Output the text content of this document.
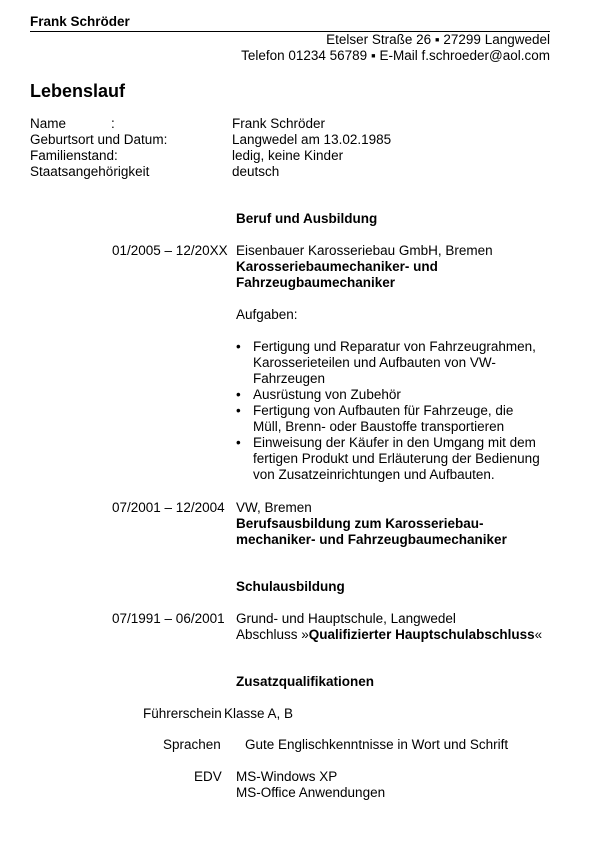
Frank Schröder
Etelser Straße 26 ▪ 27299 Langwedel
Telefon 01234 56789 ▪ E-Mail f.schroeder@aol.com
Lebenslauf
Name	:	Frank Schröder
Geburtsort und Datum:	Langwedel am 13.02.1985
Familienstand:	ledig, keine Kinder
Staatsangehörigkeit	deutsch
Beruf und Ausbildung
01/2005 – 12/20XX Eisenbauer Karosseriebau GmbH, Bremen
Karosseriebaumechaniker- und
Fahrzeugbaumechaniker
Aufgaben:
• Fertigung und Reparatur von Fahrzeugrahmen,
Karosserieteilen und Aufbauten von VW-
Fahrzeugen
• Ausrüstung von Zubehör
• Fertigung von Aufbauten für Fahrzeuge, die
Müll, Brenn- oder Baustoffe transportieren
• Einweisung der Käufer in den Umgang mit dem
fertigen Produkt und Erläuterung der Bedienung
von Zusatzeinrichtungen und Aufbauten.
07/2001 – 12/2004 VW, Bremen
Berufsausbildung zum Karosseriebau-
mechaniker- und Fahrzeugbaumechaniker
Schulausbildung
07/1991 – 06/2001 Grund- und Hauptschule, Langwedel
Abschluss »Qualifizierter Hauptschulabschluss«
Zusatzqualifikationen
Führerschein Klasse A, B
Sprachen Gute Englischkenntnisse in Wort und Schrift
EDV MS-Windows XP
MS-Office Anwendungen
